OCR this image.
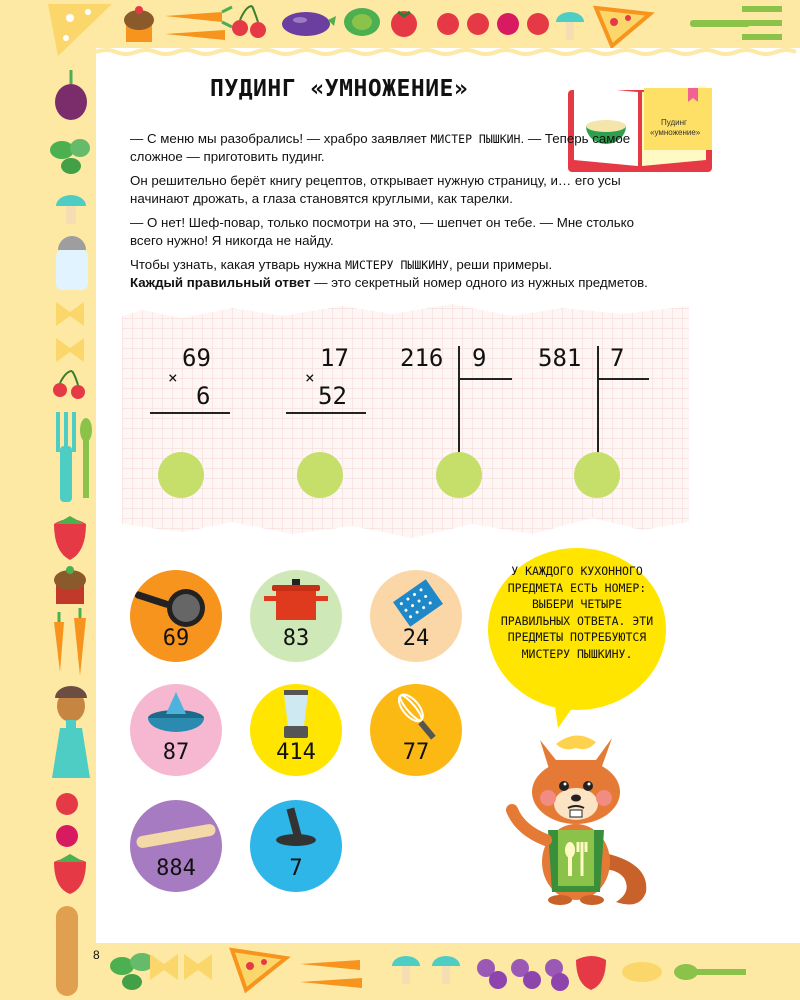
ПУДИНГ «УМНОЖЕНИЕ»
Пудинг «умножение»

— С меню мы разобрались! — храбро заявляет МИСТЕР ПЫШКИН. — Теперь самое сложное — приготовить пудинг.

Он решительно берёт книгу рецептов, открывает нужную страницу, и… его усы начинают дрожать, а глаза становятся круглыми, как тарелки.

— О нет! Шеф-повар, только посмотри на это, — шепчет он тебе. — Мне столько всего нужно! Я никогда не найду.

Чтобы узнать, какая утварь нужна МИСТЕРУ ПЫШКИНУ, реши примеры.
Каждый правильный ответ — это секретный номер одного из нужных предметов.

69
×
6
17
×
52
216 9 581 7
69	83	24
87	414	77
884	7
У КАЖДОГО КУХОННОГО ПРЕДМЕТА ЕСТЬ НОМЕР: ВЫБЕРИ ЧЕТЫРЕ ПРАВИЛЬНЫХ ОТВЕТА. ЭТИ ПРЕДМЕТЫ ПОТРЕБУЮТСЯ МИСТЕРУ ПЫШКИНУ.
8
